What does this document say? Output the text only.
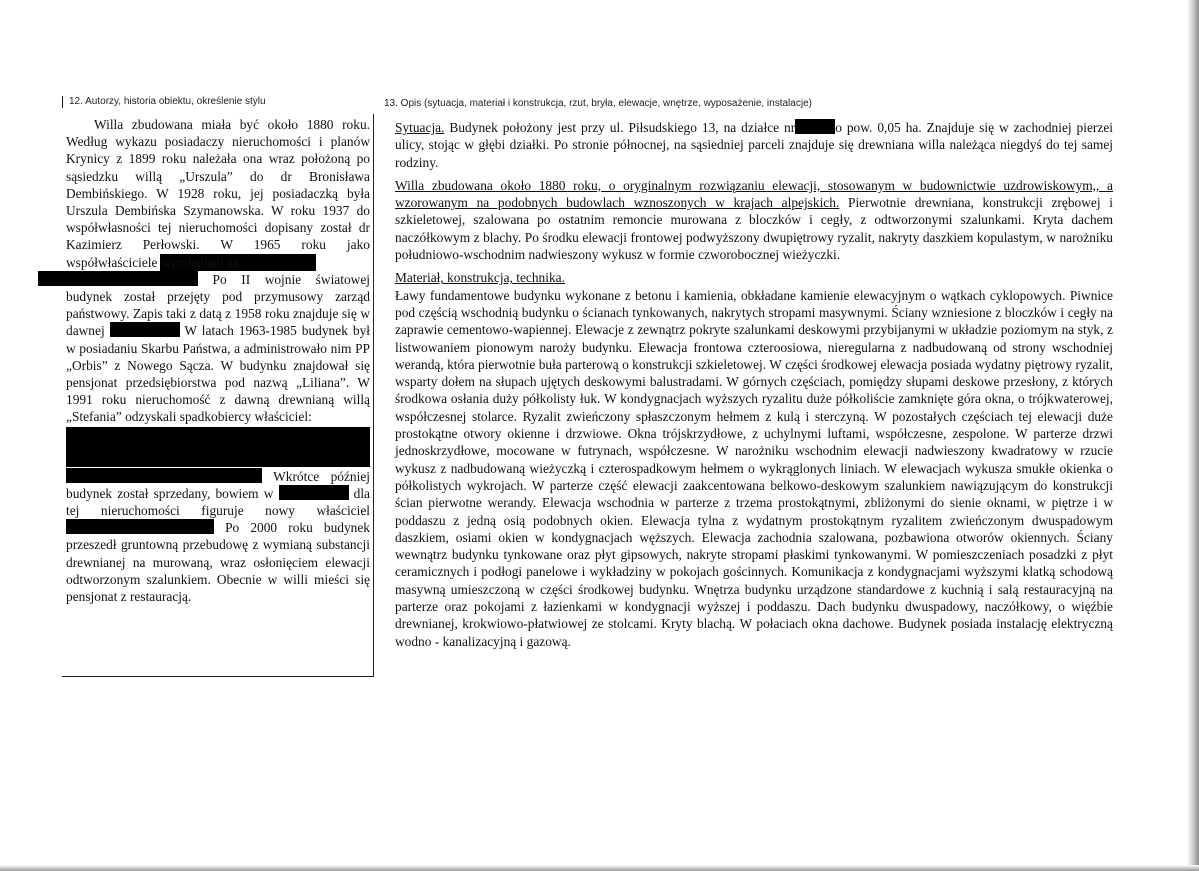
12. Autorzy, historia obiektu, określenie stylu	13. Opis (sytuacja, materiał i konstrukcja, rzut, bryła, elewacje, wnętrze, wyposażenie, instalacje)

Willa zbudowana miała być około 1880 roku. Według wykazu posiadaczy nieruchomości i planów Krynicy z 1899 roku należała ona wraz położoną po sąsiedzku willą „Urszula” do dr Bronisława Dembińskiego. W 1928 roku, jej posiadaczką była Urszula Dembińska Szymanowska. W roku 1937 do współwłasności tej nieruchomości dopisany został dr Kazimierz Perłowski. W 1965 roku jako współwłaściciele wymieniani są
Po II wojnie światowej budynek został przejęty pod przymusowy zarząd państwowy. Zapis taki z datą z 1958 roku znajduje się w dawnej	W latach 1963-1985 budynek był w posiadaniu Skarbu Państwa, a administrowało nim PP „Orbis” z Nowego Sącza. W budynku znajdował się pensjonat przedsiębiorstwa pod nazwą „Liliana”. W 1991 roku nieruchomość z dawną drewnianą willą „Stefania” odzyskali spadkobiercy właściciel:
Wkrótce później budynek został sprzedany, bowiem w	dla tej nieruchomości figuruje nowy właściciel  Po 2000 roku budynek przeszedł gruntowną przebudowę z wymianą substancji drewnianej na murowaną, wraz osłonięciem elewacji odtworzonym szalunkiem. Obecnie w willi mieści się pensjonat z restauracją.

Sytuacja. Budynek położony jest przy ul. Piłsudskiego 13, na działce nr	o pow. 0,05 ha. Znajduje się w zachodniej pierzei ulicy, stojąc w głębi działki. Po stronie północnej, na sąsiedniej parceli znajduje się drewniana willa należąca niegdyś do tej samej rodziny.

Willa zbudowana około 1880 roku, o oryginalnym rozwiązaniu elewacji, stosowanym w budownictwie uzdrowiskowym,, a wzorowanym na podobnych budowlach wznoszonych w krajach alpejskich. Pierwotnie drewniana, konstrukcji zrębowej i szkieletowej, szalowana po ostatnim remoncie murowana z bloczków i cegły, z odtworzonymi szalunkami. Kryta dachem naczółkowym z blachy. Po środku elewacji frontowej podwyższony dwupiętrowy ryzalit, nakryty daszkiem kopulastym, w narożniku południowo-wschodnim nadwieszony wykusz w formie czworobocznej wieżyczki.

Materiał, konstrukcja, technika.
Ławy fundamentowe budynku wykonane z betonu i kamienia, obkładane kamienie elewacyjnym o wątkach cyklopowych. Piwnice pod częścią wschodnią budynku o ścianach tynkowanych, nakrytych stropami masywnymi. Ściany wzniesione z bloczków i cegły na zaprawie cementowo-wapiennej. Elewacje z zewnątrz pokryte szalunkami deskowymi przybijanymi w układzie poziomym na styk, z listwowaniem pionowym naroży budynku. Elewacja frontowa czteroosiowa, nieregularna z nadbudowaną od strony wschodniej werandą, która pierwotnie buła parterową o konstrukcji szkieletowej. W części środkowej elewacja posiada wydatny piętrowy ryzalit, wsparty dołem na słupach ujętych deskowymi balustradami. W górnych częściach, pomiędzy słupami deskowe przesłony, z których środkowa osłania duży półkolisty łuk. W kondygnacjach wyższych ryzalitu duże półkoliście zamknięte góra okna, o trójkwaterowej, współczesnej stolarce. Ryzalit zwieńczony spłaszczonym hełmem z kulą i sterczyną. W pozostałych częściach tej elewacji duże prostokątne otwory okienne i drzwiowe. Okna trójskrzydłowe, z uchylnymi luftami, współczesne, zespolone. W parterze drzwi jednoskrzydłowe, mocowane w futrynach, współczesne. W narożniku wschodnim elewacji nadwieszony kwadratowy w rzucie wykusz z nadbudowaną wieżyczką i czterospadkowym hełmem o wykrąglonych liniach. W elewacjach wykusza smukłe okienka o półkolistych wykrojach. W parterze część elewacji zaakcentowana belkowo-deskowym szalunkiem nawiązującym do konstrukcji ścian pierwotne werandy. Elewacja wschodnia w parterze z trzema prostokątnymi, zbliżonymi do sienie oknami, w piętrze i w poddaszu z jedną osią podobnych okien. Elewacja tylna z wydatnym prostokątnym ryzalitem zwieńczonym dwuspadowym daszkiem, osiami okien w kondygnacjach węższych. Elewacja zachodnia szalowana, pozbawiona otworów okiennych. Ściany wewnątrz budynku tynkowane oraz płyt gipsowych, nakryte stropami płaskimi tynkowanymi. W pomieszczeniach posadzki z płyt ceramicznych i podłogi panelowe i wykładziny w pokojach gościnnych. Komunikacja z kondygnacjami wyższymi klatką schodową masywną umieszczoną w części środkowej budynku. Wnętrza budynku urządzone standardowe z kuchnią i salą restauracyjną na parterze oraz pokojami z łazienkami w kondygnacji wyższej i poddaszu. Dach budynku dwuspadowy, naczółkowy, o więźbie drewnianej, krokwiowo-płatwiowej ze stolcami. Kryty blachą. W połaciach okna dachowe. Budynek posiada instalację elektryczną wodno - kanalizacyjną i gazową.
